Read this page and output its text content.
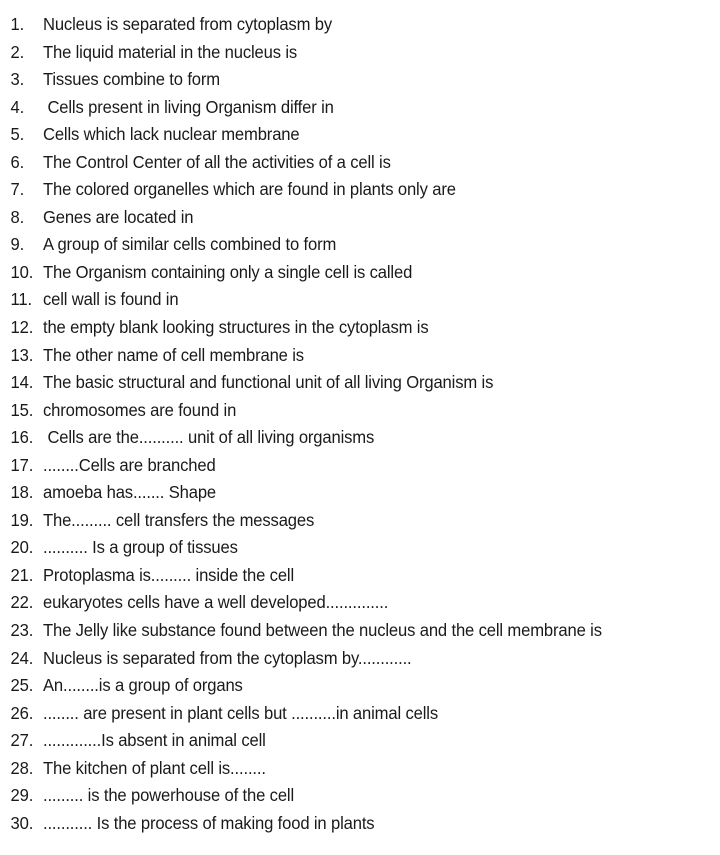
1.	Nucleus is separated from cytoplasm by
2.	The liquid material in the nucleus is
3.	Tissues combine to form
4.	Cells present in living Organism differ in
5.	Cells which lack nuclear membrane
6.	The Control Center of all the activities of a cell is
7.	The colored organelles which are found in plants only are
8.	Genes are located in
9.	A group of similar cells combined to form
10. The Organism containing only a single cell is called
11. cell wall is found in
12. the empty blank looking structures in the cytoplasm is
13. The other name of cell membrane is
14. The basic structural and functional unit of all living Organism is
15. chromosomes are found in
16. Cells are the.......... unit of all living organisms
17. ........Cells are branched
18. amoeba has....... Shape
19. The......... cell transfers the messages
20. .......... Is a group of tissues
21. Protoplasma is......... inside the cell
22. eukaryotes cells have a well developed..............
23. The Jelly like substance found between the nucleus and the cell membrane is
24. Nucleus is separated from the cytoplasm by............
25. An........is a group of organs
26. ........ are present in plant cells but ..........in animal cells
27. .............Is absent in animal cell
28. The kitchen of plant cell is........
29. ......... is the powerhouse of the cell
30. ........... Is the process of making food in plants
